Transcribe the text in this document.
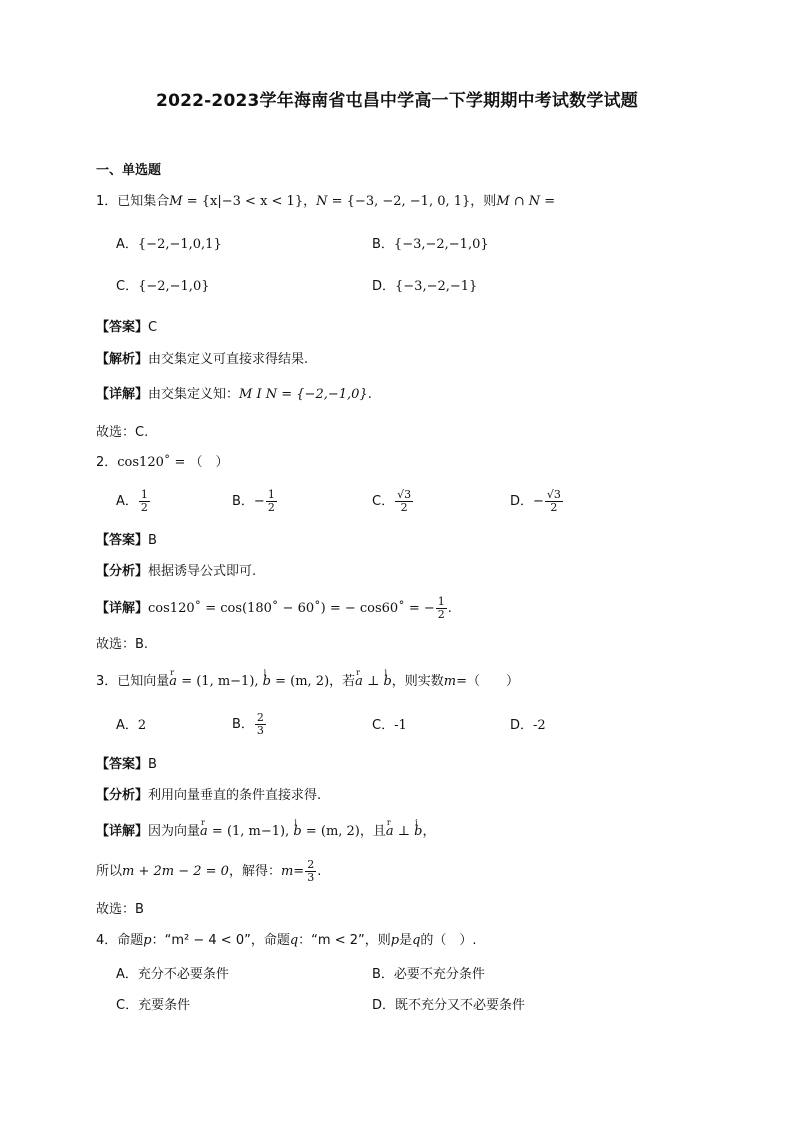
2022-2023学年海南省屯昌中学高一下学期期中考试数学试题
一、单选题
1．已知集合M = {x|−3 < x < 1}，N = {−3, −2, −1, 0, 1}，则M ∩ N =
A．{−2,−1,0,1}	B．{−3,−2,−1,0}
C．{−2,−1,0}	D．{−3,−2,−1}
【答案】C
【解析】由交集定义可直接求得结果.
【详解】由交集定义知：M I N = {−2,−1,0}.
故选：C.
2．cos120˚ = （　）
A． $\frac{1}{2}$	B．− $\frac{1}{2}$	C． $\frac{√3}{2}$	D．− $\frac{√3}{2}$
【答案】B
【分析】根据诱导公式即可.
【详解】cos120˚ = cos(180˚ − 60˚) = − cos60˚ = − $\frac{1}{2}$ .
故选：B.
3．已知向量r a = (1, m−1), i b = (m, 2)，若r a ⊥ i b，则实数m=（　　）
A．2	B． $\frac{2}{3}$	C．-1	D．-2
【答案】B
【分析】利用向量垂直的条件直接求得.
【详解】因为向量r a = (1, m−1), i b = (m, 2)，且r a ⊥ i b，
所以m + 2m − 2 = 0，解得：$m= \frac{2}{3}$ .
故选：B
4．命题p：“m² − 4 < 0”，命题q：“m < 2”，则p是q的（　）.
A．充分不必要条件	B．必要不充分条件
C．充要条件	D．既不充分又不必要条件
